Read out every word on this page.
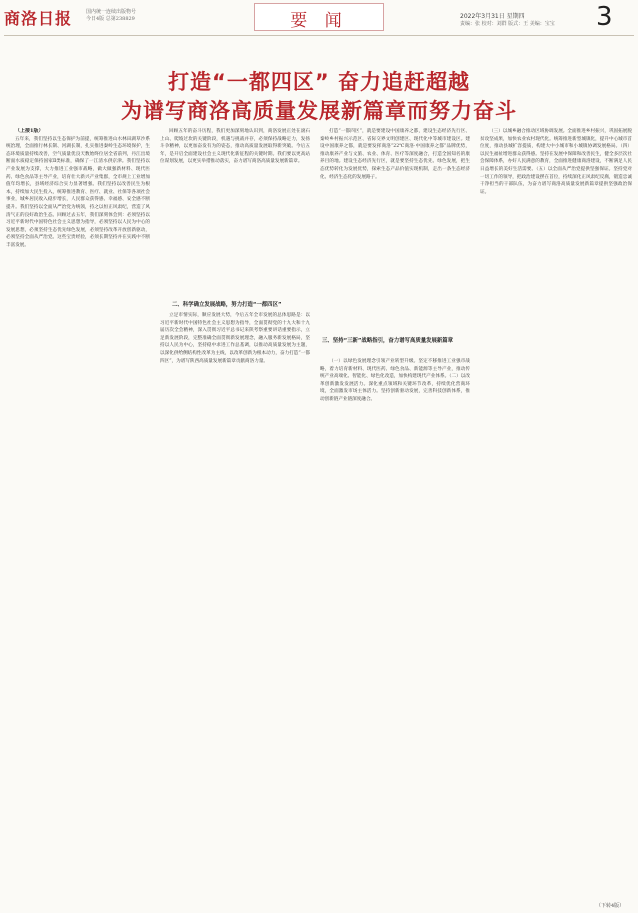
商洛日报	国内统一连续出版物号
今日4版 总第238829	要 闻	2022年3月31日 星期四
责编：张 校对：刘群 版式：王 美编：宝宝 3
打造“一都四区” 奋力追赶超越
为谱写商洛高质量发展新篇章而努力奋斗

（上接1版）

五年来，我们坚持以生态保护为前提，统筹推进山水林田湖草沙系统治理，全面推行林长制、河湖长制，扎实推进秦岭生态环境保护，生态环境质量持续改善，空气质量优良天数始终位居全省前列，丹江出境断面水质稳定保持国家Ⅱ类标准，确保了一江清水供京津。我们坚持以产业发展为支撑，大力推进工业强市战略，做大做强新材料、现代医药、绿色食品等主导产业，培育壮大新兴产业集群，全市规上工业增加值年均增长，县域经济综合实力显著增强。我们坚持以改善民生为根本，持续加大民生投入，统筹推进教育、医疗、就业、社保等各项社会事业，城乡居民收入稳步增长，人民群众获得感、幸福感、安全感不断提升。我们坚持以全面从严治党为统领，持之以恒正风肃纪，营造了风清气正的良好政治生态。回顾过去五年，我们深刻体会到：必须坚持以习近平新时代中国特色社会主义思想为指导，必须坚持以人民为中心的发展思想，必须坚持生态优先绿色发展，必须坚持改革开放创新驱动，必须坚持全面从严治党。这些宝贵经验，必须长期坚持并在实践中不断丰富发展。

回顾五年的奋斗历程，我们更加深刻地认识到，商洛发展正处在滚石上山、爬坡过坎的关键阶段，机遇与挑战并存，必须保持战略定力，发扬斗争精神，以更加奋发有为的姿态，推动高质量发展取得新突破。今后五年，是开启全面建设社会主义现代化新征程的关键时期。我们要以更高站位谋划发展，以更实举措推动落实，奋力谱写商洛高质量发展新篇章。

二、科学确立发展战略，努力打造“一都四区”

立足市情实际，顺应发展大势，今后五年全市发展的总体思路是：以习近平新时代中国特色社会主义思想为指导，全面贯彻党的十九大和十九届历次全会精神，深入贯彻习近平总书记来陕考察重要讲话重要指示，立足新发展阶段，完整准确全面贯彻新发展理念，融入服务新发展格局，坚持以人民为中心，坚持稳中求进工作总基调，以推动高质量发展为主题，以深化供给侧结构性改革为主线，以改革创新为根本动力，奋力打造“一都四区”，为谱写陕西高质量发展新篇章贡献商洛力量。

打造“一都四区”，就是要建设中国康养之都，建设生态经济先行区、秦岭乡村振兴示范区、省际交界文明创建区、现代化中等城市建设区。建设中国康养之都，就是要发挥商洛“22℃商洛·中国康养之都”品牌优势，推动康养产业与文旅、农业、体育、医疗等深度融合，打造全国知名的康养目的地。建设生态经济先行区，就是要坚持生态优先、绿色发展，把生态优势转化为发展优势，探索生态产品价值实现机制，走出一条生态经济化、经济生态化的发展路子。

三、坚持“三新”战略指引，奋力谱写高质量发展新篇章

（一）以绿色发展理念引领产业转型升级。坚定不移推进工业强市战略，着力培育新材料、现代医药、绿色食品、新能源等主导产业，推动传统产业高端化、智能化、绿色化改造，加快构建现代产业体系。（二）以改革创新激发发展活力。深化重点领域和关键环节改革，持续优化营商环境，全面激发市场主体活力。坚持创新驱动发展，完善科技创新体系，推动创新链产业链深度融合。

（三）以城乡融合推动区域协调发展。全面推进乡村振兴，巩固拓展脱贫攻坚成果，加快农业农村现代化。统筹推进新型城镇化，提升中心城市首位度，推动县城扩容提质，构建大中小城市和小城镇协调发展格局。（四）以民生福祉增进群众获得感。坚持在发展中保障和改善民生，健全多层次社会保障体系，办好人民满意的教育，全面推进健康商洛建设，不断满足人民日益增长的美好生活需要。（五）以全面从严治党提供坚强保证。坚持党对一切工作的领导，把政治建设摆在首位，持续深化正风肃纪反腐，锻造忠诚干净担当的干部队伍，为奋力谱写商洛高质量发展新篇章提供坚强政治保证。

（下转4版）
